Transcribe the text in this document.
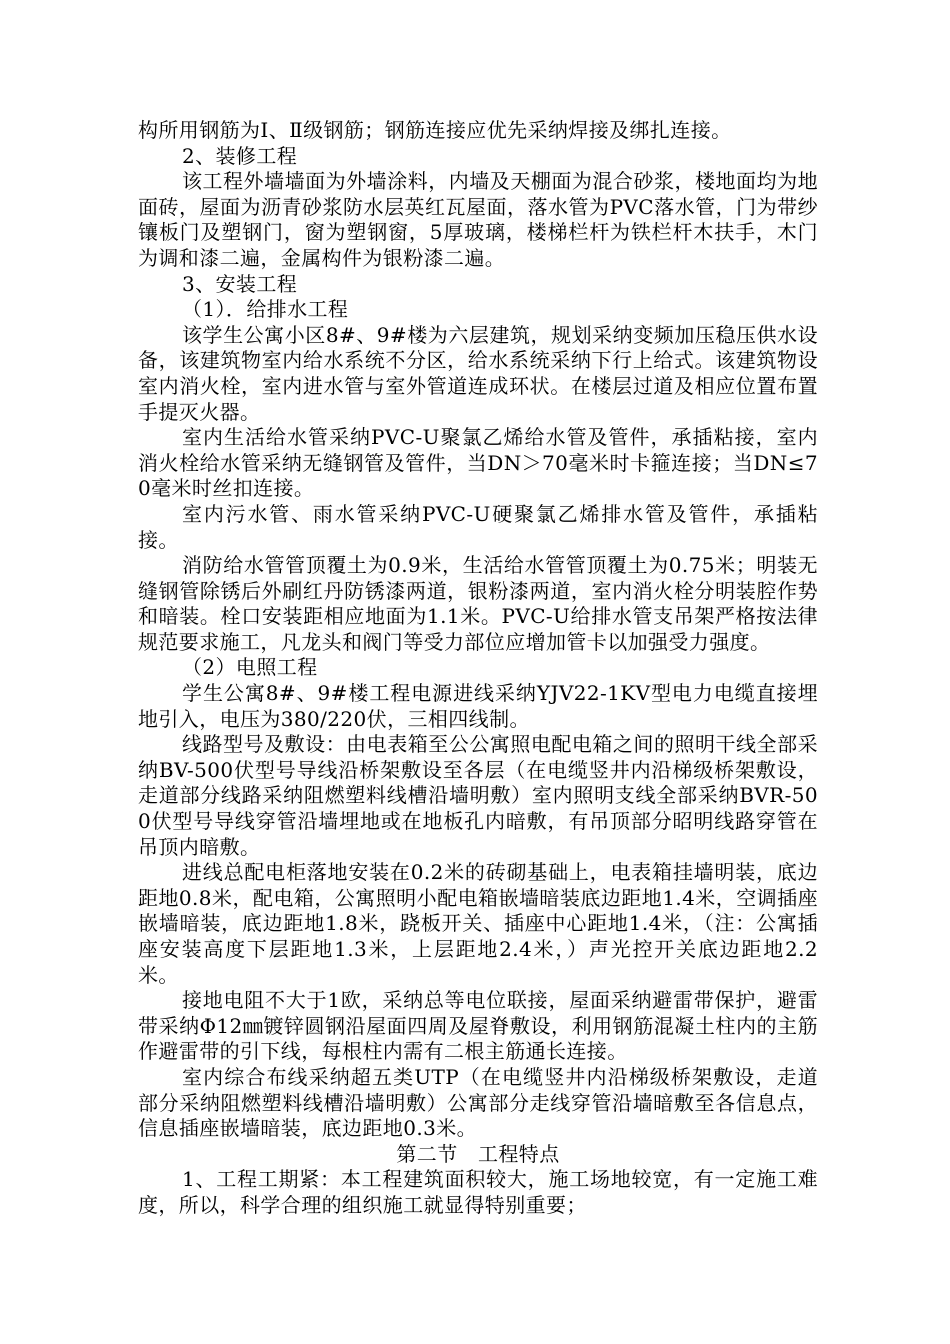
构所用钢筋为Ⅰ、Ⅱ级钢筋；钢筋连接应优先采纳焊接及绑扎连接。

2、装修工程

该工程外墙墙面为外墙涂料，内墙及天棚面为混合砂浆，楼地面均为地面砖，屋面为沥青砂浆防水层英红瓦屋面，落水管为PVC落水管，门为带纱镶板门及塑钢门，窗为塑钢窗，5厚玻璃，楼梯栏杆为铁栏杆木扶手，木门为调和漆二遍，金属构件为银粉漆二遍。

3、安装工程

（1）．给排水工程

该学生公寓小区8#、9#楼为六层建筑，规划采纳变频加压稳压供水设备，该建筑物室内给水系统不分区，给水系统采纳下行上给式。该建筑物设室内消火栓，室内进水管与室外管道连成环状。在楼层过道及相应位置布置手提灭火器。

室内生活给水管采纳PVC-U聚氯乙烯给水管及管件，承插粘接，室内消火栓给水管采纳无缝钢管及管件，当DN＞70毫米时卡箍连接；当DN≤70毫米时丝扣连接。

室内污水管、雨水管采纳PVC-U硬聚氯乙烯排水管及管件，承插粘接。

消防给水管管顶覆土为0.9米，生活给水管管顶覆土为0.75米；明装无缝钢管除锈后外刷红丹防锈漆两道，银粉漆两道，室内消火栓分明装腔作势和暗装。栓口安装距相应地面为1.1米。PVC-U给排水管支吊架严格按法律规范要求施工，凡龙头和阀门等受力部位应增加管卡以加强受力强度。

（2）电照工程

学生公寓8#、9#楼工程电源进线采纳YJV22-1KV型电力电缆直接埋地引入，电压为380/220伏，三相四线制。

线路型号及敷设：由电表箱至公公寓照电配电箱之间的照明干线全部采纳BV-500伏型号导线沿桥架敷设至各层（在电缆竖井内沿梯级桥架敷设，走道部分线路采纳阻燃塑料线槽沿墙明敷）室内照明支线全部采纳BVR-500伏型号导线穿管沿墙埋地或在地板孔内暗敷，有吊顶部分昭明线路穿管在吊顶内暗敷。

进线总配电柜落地安装在0.2米的砖砌基础上，电表箱挂墙明装，底边距地0.8米，配电箱，公寓照明小配电箱嵌墙暗装底边距地1.4米，空调插座嵌墙暗装，底边距地1.8米，跷板开关、插座中心距地1.4米，（注：公寓插座安装高度下层距地1.3米，上层距地2.4米，）声光控开关底边距地2.2米。

接地电阻不大于1欧，采纳总等电位联接，屋面采纳避雷带保护，避雷带采纳Φ12㎜镀锌圆钢沿屋面四周及屋脊敷设，利用钢筋混凝土柱内的主筋作避雷带的引下线，每根柱内需有二根主筋通长连接。

室内综合布线采纳超五类UTP（在电缆竖井内沿梯级桥架敷设，走道部分采纳阻燃塑料线槽沿墙明敷）公寓部分走线穿管沿墙暗敷至各信息点，信息插座嵌墙暗装，底边距地0.3米。

第二节　工程特点

1、工程工期紧：本工程建筑面积较大，施工场地较宽，有一定施工难度，所以，科学合理的组织施工就显得特别重要；
